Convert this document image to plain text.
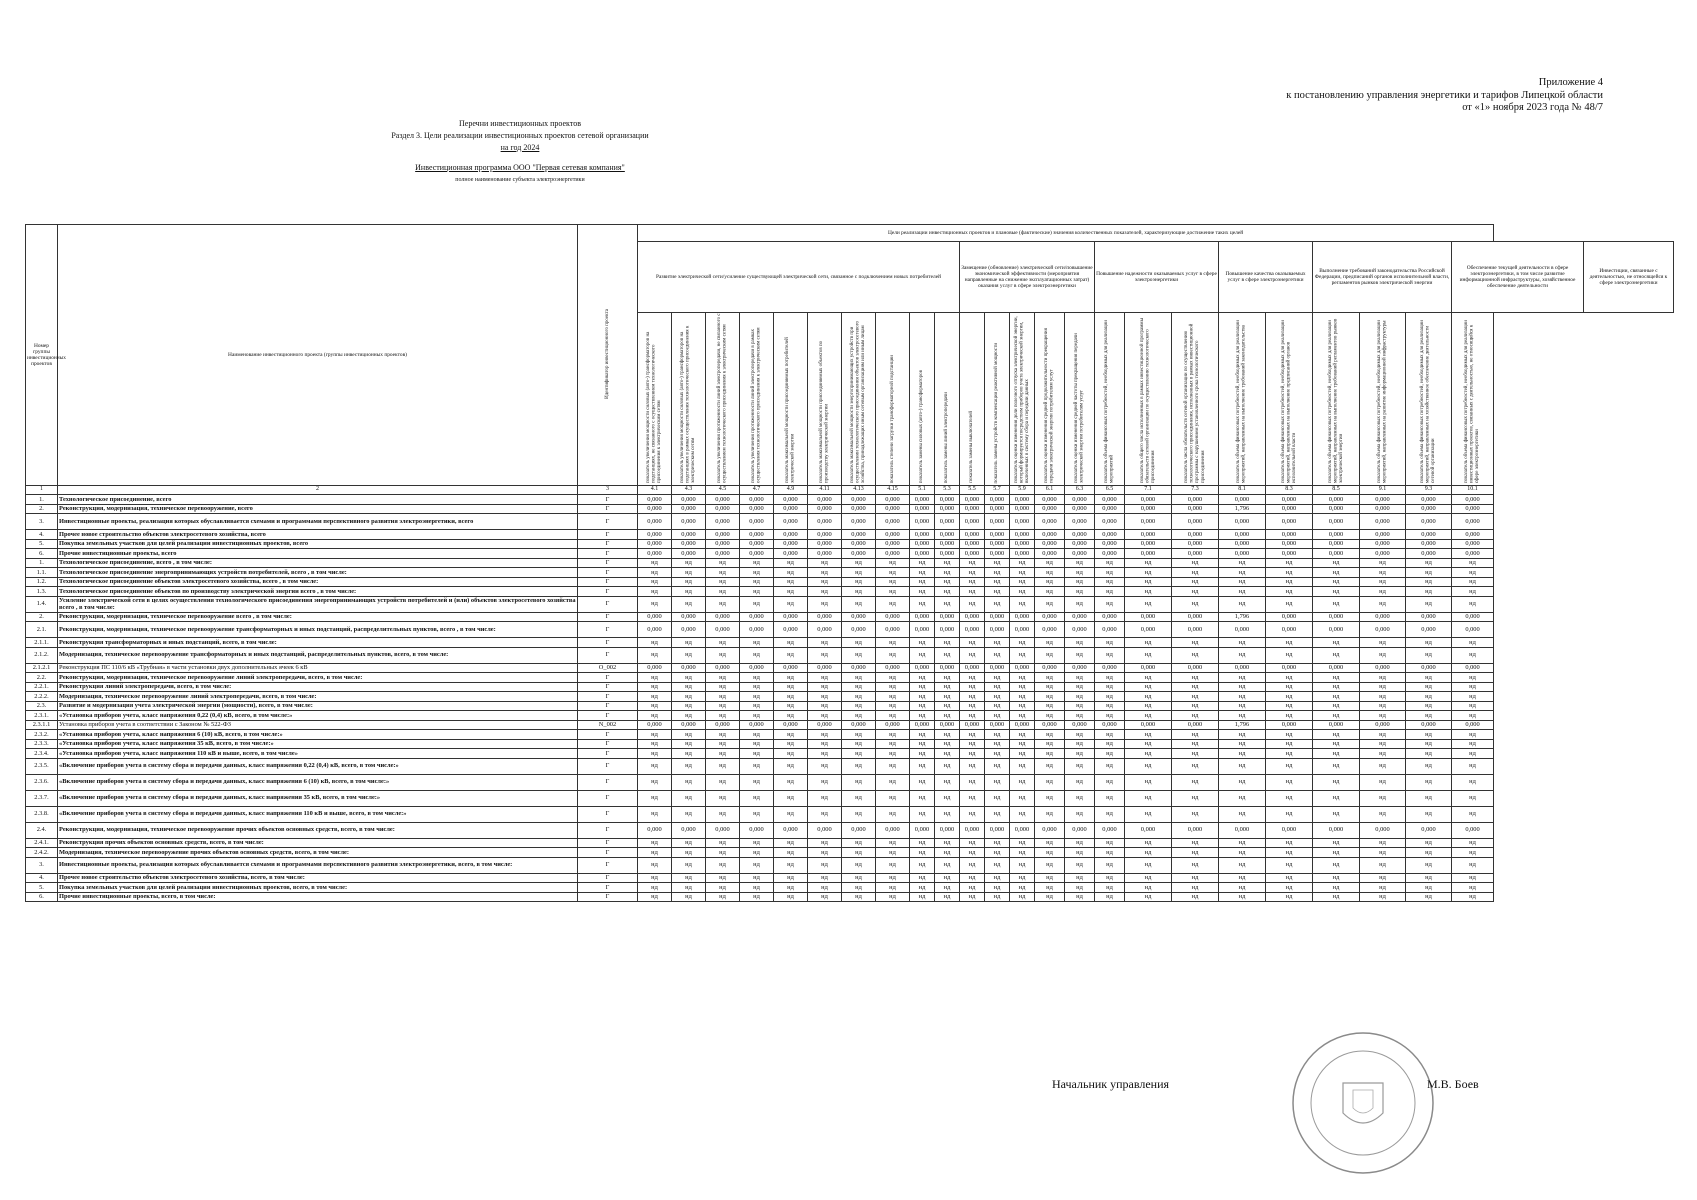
Приложение 4
к постановлению управления энергетики и тарифов Липецкой области
от «1» ноября 2023 года № 48/7
Перечни инвестиционных проектов
Раздел 3. Цели реализации инвестиционных проектов сетевой организации
на год 2024
Инвестиционная программа ООО "Первая сетевая компания"
полное наименование субъекта электроэнергетики
Номер группы инвестиционных проектов	Наименование инвестиционного проекта (группы инвестиционных проектов)	Идентификатор инвестиционного проекта	Цели реализации инвестиционных проектов и плановые (фактические) значения количественных показателей, характеризующие достижение таких целей																								
			Развитие электрической сети/усиление существующей электрической сети, связанное с подключением новых потребителей										Замещение (обновление) электрической сети/повышение экономической эффективности (мероприятия направленные на снижение эксплуатационных затрат) оказания услуг в сфере электроэнергетики					Повышение надежности оказываемых услуг в сфере электроэнергетики			Повышение качества оказываемых услуг в сфере электроэнергетики		Выполнение требований законодательства Российской Федерации, предписаний органов исполнительной власти, регламентов рынков электрической энергии			Обеспечение текущей деятельности в сфере электроэнергетики, в том числе развитие информационной инфраструктуры, хозяйственное обеспечение деятельности	Инвестиции, связанные с деятельностью, не относящейся к сфере электроэнергетики
			показатель увеличения мощности силовых (авто-) трансформаторов на подстанциях, не связанного с осуществлением технологического присоединения к электрическим сетям	показатель увеличения мощности силовых (авто-) трансформаторов на подстанциях в рамках осуществления технологического присоединения к электрическим сетям	показатель увеличения протяженности линий электропередачи, не связанного с осуществлением технологического присоединения к электрическим сетям	показатель увеличения протяженности линий электропередачи в рамках осуществления технологического присоединения к электрическим сетям	показатель максимальной мощности присоединяемых потребителей электрической энергии	показатель максимальной мощности присоединяемых объектов по производству электрической энергии	показатель максимальной мощности энергопринимающих устройств при осуществлении технологического присоединения объектов электросетевого хозяйства, принадлежащих иным сетевым организациям или иным лицам	показатель степени загрузки трансформаторной подстанции	показатель замены силовых (авто-) трансформаторов	показатель замены линий электропередачи	показатель замены выключателей	показатель замены устройств компенсации реактивной мощности	показатель оценки изменения доли полезного отпуска электрической энергии, который формируется посредством приборов учета электрической энергии, включенных в систему сбора и передачи данных	показатель оценки изменения средней продолжительности прекращения передачи электрической энергии потребителям услуг	показатель оценки изменения средней частоты прекращения передачи электрической энергии потребителям услуг	показатель объема финансовых потребностей, необходимых для реализации мероприятий	показатель общего числа исполненных в рамках инвестиционной программы обязательств сетевой организации по осуществлению технологического присоединения	показатель числа обязательств сетевой организации по осуществлению технологического присоединения, исполненных в рамках инвестиционной программы с нарушением установленного срока технологического присоединения	показатель объема финансовых потребностей, необходимых для реализации мероприятий, направленных на выполнение требований законодательства	показатель объема финансовых потребностей, необходимых для реализации мероприятий, направленных на выполнение предписаний органов исполнительной власти	показатель объема финансовых потребностей, необходимых для реализации мероприятий, направленных на выполнение требований регламентов рынков электрической энергии	показатель объема финансовых потребностей, необходимых для реализации мероприятий, направленных на развитие информационной инфраструктуры	показатель объема финансовых потребностей, необходимых для реализации мероприятий, направленных на хозяйственное обеспечение деятельности сетевой организации	показатель объема финансовых потребностей, необходимых для реализации инвестиционных проектов, связанных с деятельностью, не относящейся к сфере электроэнергетики	
1	2	3	4.1	4.3	4.5	4.7	4.9	4.11	4.13	4.15	5.1	5.3	5.5	5.7	5.9	6.1	6.3	6.5	7.1	7.3	8.1	8.3	8.5	9.1	9.3	10.1	
1.	Технологическое присоединение, всего	Г	0,000	0,000	0,000	0,000	0,000	0,000	0,000	0,000	0,000	0,000	0,000	0,000	0,000	0,000	0,000	0,000	0,000	0,000	0,000	0,000	0,000	0,000	0,000	0,000	
2.	Реконструкция, модернизация, техническое перевооружение, всего	Г	0,000	0,000	0,000	0,000	0,000	0,000	0,000	0,000	0,000	0,000	0,000	0,000	0,000	0,000	0,000	0,000	0,000	0,000	1,796	0,000	0,000	0,000	0,000	0,000	
3.	Инвестиционные проекты, реализация которых обуславливается схемами и программами перспективного развития электроэнергетики, всего	Г	0,000	0,000	0,000	0,000	0,000	0,000	0,000	0,000	0,000	0,000	0,000	0,000	0,000	0,000	0,000	0,000	0,000	0,000	0,000	0,000	0,000	0,000	0,000	0,000	
4.	Прочее новое строительство объектов электросетевого хозяйства, всего	Г	0,000	0,000	0,000	0,000	0,000	0,000	0,000	0,000	0,000	0,000	0,000	0,000	0,000	0,000	0,000	0,000	0,000	0,000	0,000	0,000	0,000	0,000	0,000	0,000	
5.	Покупка земельных участков для целей реализации инвестиционных проектов, всего	Г	0,000	0,000	0,000	0,000	0,000	0,000	0,000	0,000	0,000	0,000	0,000	0,000	0,000	0,000	0,000	0,000	0,000	0,000	0,000	0,000	0,000	0,000	0,000	0,000	
6.	Прочие инвестиционные проекты, всего	Г	0,000	0,000	0,000	0,000	0,000	0,000	0,000	0,000	0,000	0,000	0,000	0,000	0,000	0,000	0,000	0,000	0,000	0,000	0,000	0,000	0,000	0,000	0,000	0,000	
1.	Технологическое присоединение, всего , в том числе:	Г	нд	нд	нд	нд	нд	нд	нд	нд	нд	нд	нд	нд	нд	нд	нд	нд	нд	нд	нд	нд	нд	нд	нд	нд	
1.1.	Технологическое присоединение энергопринимающих устройств потребителей, всего , в том числе:	Г	нд	нд	нд	нд	нд	нд	нд	нд	нд	нд	нд	нд	нд	нд	нд	нд	нд	нд	нд	нд	нд	нд	нд	нд	
1.2.	Технологическое присоединение объектов электросетевого хозяйства, всего , в том числе:	Г	нд	нд	нд	нд	нд	нд	нд	нд	нд	нд	нд	нд	нд	нд	нд	нд	нд	нд	нд	нд	нд	нд	нд	нд	
1.3.	Технологическое присоединение объектов по производству электрической энергии всего , в том числе:	Г	нд	нд	нд	нд	нд	нд	нд	нд	нд	нд	нд	нд	нд	нд	нд	нд	нд	нд	нд	нд	нд	нд	нд	нд	
1.4.	Усиление электрической сети в целях осуществления технологического присоединения энергопринимающих устройств потребителей и (или) объектов электросетевого хозяйства всего , в том числе:	Г	нд	нд	нд	нд	нд	нд	нд	нд	нд	нд	нд	нд	нд	нд	нд	нд	нд	нд	нд	нд	нд	нд	нд	нд	
2.	Реконструкция, модернизация, техническое перевооружение всего , в том числе:	Г	0,000	0,000	0,000	0,000	0,000	0,000	0,000	0,000	0,000	0,000	0,000	0,000	0,000	0,000	0,000	0,000	0,000	0,000	1,796	0,000	0,000	0,000	0,000	0,000	
2.1.	Реконструкция, модернизация, техническое перевооружение трансформаторных и иных подстанций, распределительных пунктов, всего , в том числе:	Г	0,000	0,000	0,000	0,000	0,000	0,000	0,000	0,000	0,000	0,000	0,000	0,000	0,000	0,000	0,000	0,000	0,000	0,000	0,000	0,000	0,000	0,000	0,000	0,000	
2.1.1.	Реконструкция трансформаторных и иных подстанций, всего, в том числе:	Г	нд	нд	нд	нд	нд	нд	нд	нд	нд	нд	нд	нд	нд	нд	нд	нд	нд	нд	нд	нд	нд	нд	нд	нд	
2.1.2.	Модернизация, техническое перевооружение трансформаторных и иных подстанций, распределительных пунктов, всего, в том числе:	Г	нд	нд	нд	нд	нд	нд	нд	нд	нд	нд	нд	нд	нд	нд	нд	нд	нд	нд	нд	нд	нд	нд	нд	нд	
2.1.2.1	Реконструкция ПС 110/6 кВ «Трубная» в части установки двух дополнительных ячеек 6 кВ	О_002	0,000	0,000	0,000	0,000	0,000	0,000	0,000	0,000	0,000	0,000	0,000	0,000	0,000	0,000	0,000	0,000	0,000	0,000	0,000	0,000	0,000	0,000	0,000	0,000	
2.2.	Реконструкция, модернизация, техническое перевооружение линий электропередачи, всего, в том числе:	Г	нд	нд	нд	нд	нд	нд	нд	нд	нд	нд	нд	нд	нд	нд	нд	нд	нд	нд	нд	нд	нд	нд	нд	нд	
2.2.1.	Реконструкция линий электропередачи, всего, в том числе:	Г	нд	нд	нд	нд	нд	нд	нд	нд	нд	нд	нд	нд	нд	нд	нд	нд	нд	нд	нд	нд	нд	нд	нд	нд	
2.2.2.	Модернизация, техническое перевооружение линий электропередачи, всего, в том числе:	Г	нд	нд	нд	нд	нд	нд	нд	нд	нд	нд	нд	нд	нд	нд	нд	нд	нд	нд	нд	нд	нд	нд	нд	нд	
2.3.	Развитие и модернизация учета электрической энергии (мощности), всего, в том числе:	Г	нд	нд	нд	нд	нд	нд	нд	нд	нд	нд	нд	нд	нд	нд	нд	нд	нд	нд	нд	нд	нд	нд	нд	нд	
2.3.1.	«Установка приборов учета, класс напряжения 0,22 (0,4) кВ, всего, в том числе:»	Г	нд	нд	нд	нд	нд	нд	нд	нд	нд	нд	нд	нд	нд	нд	нд	нд	нд	нд	нд	нд	нд	нд	нд	нд	
2.3.1.1	Установка приборов учета в соответствии с Законом № 522-ФЗ	N_002	0,000	0,000	0,000	0,000	0,000	0,000	0,000	0,000	0,000	0,000	0,000	0,000	0,000	0,000	0,000	0,000	0,000	0,000	1,796	0,000	0,000	0,000	0,000	0,000	
2.3.2.	«Установка приборов учета, класс напряжения 6 (10) кВ, всего, в том числе:»	Г	нд	нд	нд	нд	нд	нд	нд	нд	нд	нд	нд	нд	нд	нд	нд	нд	нд	нд	нд	нд	нд	нд	нд	нд	
2.3.3.	«Установка приборов учета, класс напряжения 35 кВ, всего, в том числе:»	Г	нд	нд	нд	нд	нд	нд	нд	нд	нд	нд	нд	нд	нд	нд	нд	нд	нд	нд	нд	нд	нд	нд	нд	нд	
2.3.4.	«Установка приборов учета, класс напряжения 110 кВ и выше, всего, в том числе»	Г	нд	нд	нд	нд	нд	нд	нд	нд	нд	нд	нд	нд	нд	нд	нд	нд	нд	нд	нд	нд	нд	нд	нд	нд	
2.3.5.	«Включение приборов учета в систему сбора и передачи данных, класс напряжения 0,22 (0,4) кВ, всего, в том числе:»	Г	нд	нд	нд	нд	нд	нд	нд	нд	нд	нд	нд	нд	нд	нд	нд	нд	нд	нд	нд	нд	нд	нд	нд	нд	
2.3.6.	«Включение приборов учета в систему сбора и передачи данных, класс напряжения 6 (10) кВ, всего, в том числе:»	Г	нд	нд	нд	нд	нд	нд	нд	нд	нд	нд	нд	нд	нд	нд	нд	нд	нд	нд	нд	нд	нд	нд	нд	нд	
2.3.7.	«Включение приборов учета в систему сбора и передачи данных, класс напряжения 35 кВ, всего, в том числе:»	Г	нд	нд	нд	нд	нд	нд	нд	нд	нд	нд	нд	нд	нд	нд	нд	нд	нд	нд	нд	нд	нд	нд	нд	нд	
2.3.8.	«Включение приборов учета в систему сбора и передачи данных, класс напряжения 110 кВ и выше, всего, в том числе:»	Г	нд	нд	нд	нд	нд	нд	нд	нд	нд	нд	нд	нд	нд	нд	нд	нд	нд	нд	нд	нд	нд	нд	нд	нд	
2.4.	Реконструкция, модернизация, техническое перевооружение прочих объектов основных средств, всего, в том числе:	Г	0,000	0,000	0,000	0,000	0,000	0,000	0,000	0,000	0,000	0,000	0,000	0,000	0,000	0,000	0,000	0,000	0,000	0,000	0,000	0,000	0,000	0,000	0,000	0,000	
2.4.1.	Реконструкция прочих объектов основных средств, всего, в том числе:	Г	нд	нд	нд	нд	нд	нд	нд	нд	нд	нд	нд	нд	нд	нд	нд	нд	нд	нд	нд	нд	нд	нд	нд	нд	
2.4.2.	Модернизация, техническое перевооружение прочих объектов основных средств, всего, в том числе:	Г	нд	нд	нд	нд	нд	нд	нд	нд	нд	нд	нд	нд	нд	нд	нд	нд	нд	нд	нд	нд	нд	нд	нд	нд	
3.	Инвестиционные проекты, реализация которых обуславливается схемами и программами перспективного развития электроэнергетики, всего, в том числе:	Г	нд	нд	нд	нд	нд	нд	нд	нд	нд	нд	нд	нд	нд	нд	нд	нд	нд	нд	нд	нд	нд	нд	нд	нд	
4.	Прочее новое строительство объектов электросетевого хозяйства, всего, в том числе:	Г	нд	нд	нд	нд	нд	нд	нд	нд	нд	нд	нд	нд	нд	нд	нд	нд	нд	нд	нд	нд	нд	нд	нд	нд	
5.	Покупка земельных участков для целей реализации инвестиционных проектов, всего, в том числе:	Г	нд	нд	нд	нд	нд	нд	нд	нд	нд	нд	нд	нд	нд	нд	нд	нд	нд	нд	нд	нд	нд	нд	нд	нд	
6.	Прочие инвестиционные проекты, всего, в том числе:	Г	нд	нд	нд	нд	нд	нд	нд	нд	нд	нд	нд	нд	нд	нд	нд	нд	нд	нд	нд	нд	нд	нд	нд	нд	
Начальник управления	М.В. Боев
